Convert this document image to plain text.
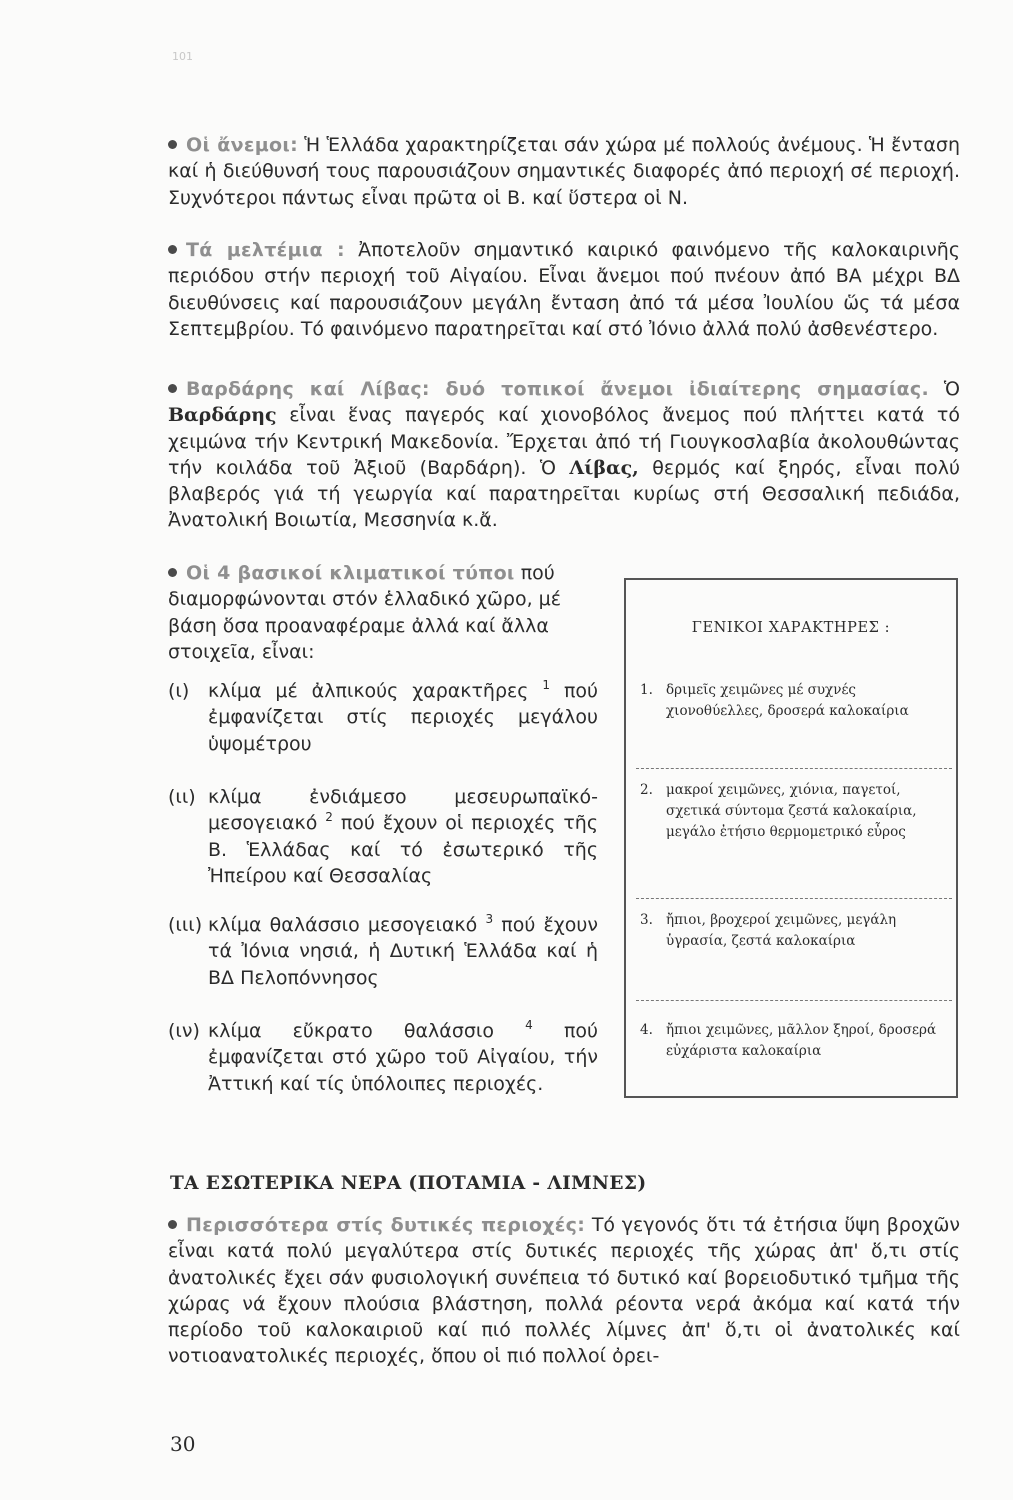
101
Οἱ ἄνεμοι: Ἡ Ἑλλάδα χαρακτηρίζεται σάν χώρα μέ πολλούς ἀνέμους. Ἡ ἔνταση καί ἡ διεύθυνσή τους παρουσιάζουν σημαντικές διαφορές ἀπό περιοχή σέ περιοχή. Συχνότεροι πάντως εἶναι πρῶτα οἱ Β. καί ὕστερα οἱ Ν.
Τά μελτέμια : Ἀποτελοῦν σημαντικό καιρικό φαινόμενο τῆς καλοκαιρινῆς περιόδου στήν περιοχή τοῦ Αἰγαίου. Εἶναι ἄνεμοι πού πνέουν ἀπό ΒΑ μέχρι ΒΔ διευθύνσεις καί παρουσιάζουν μεγάλη ἔνταση ἀπό τά μέσα Ἰουλίου ὥς τά μέσα Σεπτεμβρίου. Τό φαινόμενο παρατηρεῖται καί στό Ἰόνιο ἀλλά πολύ ἀσθενέστερο.
Βαρδάρης καί Λίβας: δυό τοπικοί ἄνεμοι ἰδιαίτερης σημασίας. Ὁ Βαρδάρης εἶναι ἕνας παγερός καί χιονοβόλος ἄνεμος πού πλήττει κατά τό χειμώνα τήν Κεντρική Μακεδονία. Ἔρχεται ἀπό τή Γιουγκοσλαβία ἀκολουθώντας τήν κοιλάδα τοῦ Ἀξιοῦ (Βαρδάρη). Ὁ Λίβας, θερμός καί ξηρός, εἶναι πολύ βλαβερός γιά τή γεωργία καί παρατηρεῖται κυρίως στή Θεσσαλική πεδιάδα, Ἀνατολική Βοιωτία, Μεσσηνία κ.ἄ.
Οἱ 4 βασικοί κλιματικοί τύποι πού διαμορφώνονται στόν ἑλλαδικό χῶρο, μέ βάση ὅσα προαναφέραμε ἀλλά καί ἄλλα στοιχεῖα, εἶναι:
(ι) κλίμα μέ ἀλπικούς χαρακτῆρες $^1$ πού ἐμφανίζεται στίς περιοχές μεγάλου ὑψομέτρου
(ιι) κλίμα ἐνδιάμεσο μεσευρωπαϊκό-μεσογειακό $^2$ πού ἔχουν οἱ περιοχές τῆς Β. Ἑλλάδας καί τό ἐσωτερικό τῆς Ἠπείρου καί Θεσσαλίας
(ιιι) κλίμα θαλάσσιο μεσογειακό $^3$ πού ἔχουν τά Ἰόνια νησιά, ἡ Δυτική Ἑλλάδα καί ἡ ΒΔ Πελοπόννησος
(ιν) κλίμα εὔκρατο θαλάσσιο	$^4$ πού ἐμφανίζεται στό χῶρο τοῦ Αἰγαίου, τήν Ἀττική καί τίς ὑπόλοιπες περιοχές.
ΓΕΝΙΚΟΙ ΧΑΡΑΚΤΗΡΕΣ :
1. δριμεῖς χειμῶνες μέ συχνές χιονοθύελλες, δροσερά καλοκαίρια
2. μακροί χειμῶνες, χιόνια, παγετοί, σχετικά σύντομα ζεστά καλοκαίρια, μεγάλο ἐτήσιο θερμομετρικό εὖρος
3. ἤπιοι, βροχεροί χειμῶνες, μεγάλη ὑγρασία, ζεστά καλοκαίρια
4. ἤπιοι χειμῶνες, μᾶλλον ξηροί, δροσερά εὐχάριστα καλοκαίρια
ΤΑ ΕΣΩΤΕΡΙΚΑ ΝΕΡΑ (ΠΟΤΑΜΙΑ - ΛΙΜΝΕΣ)
Περισσότερα στίς δυτικές περιοχές: Τό γεγονός ὅτι τά ἐτήσια ὕψη βροχῶν εἶναι κατά πολύ μεγαλύτερα στίς δυτικές περιοχές τῆς χώρας ἀπ' ὅ,τι στίς ἀνατολικές ἔχει σάν φυσιολογική συνέπεια τό δυτικό καί βορειοδυτικό τμῆμα τῆς χώρας νά ἔχουν πλούσια βλάστηση, πολλά ρέοντα νερά ἀκόμα καί κατά τήν περίοδο τοῦ καλοκαιριοῦ καί πιό πολλές λίμνες ἀπ' ὅ,τι οἱ ἀνατολικές καί νοτιοανατολικές περιοχές, ὅπου οἱ πιό πολλοί ὀρει-
30
